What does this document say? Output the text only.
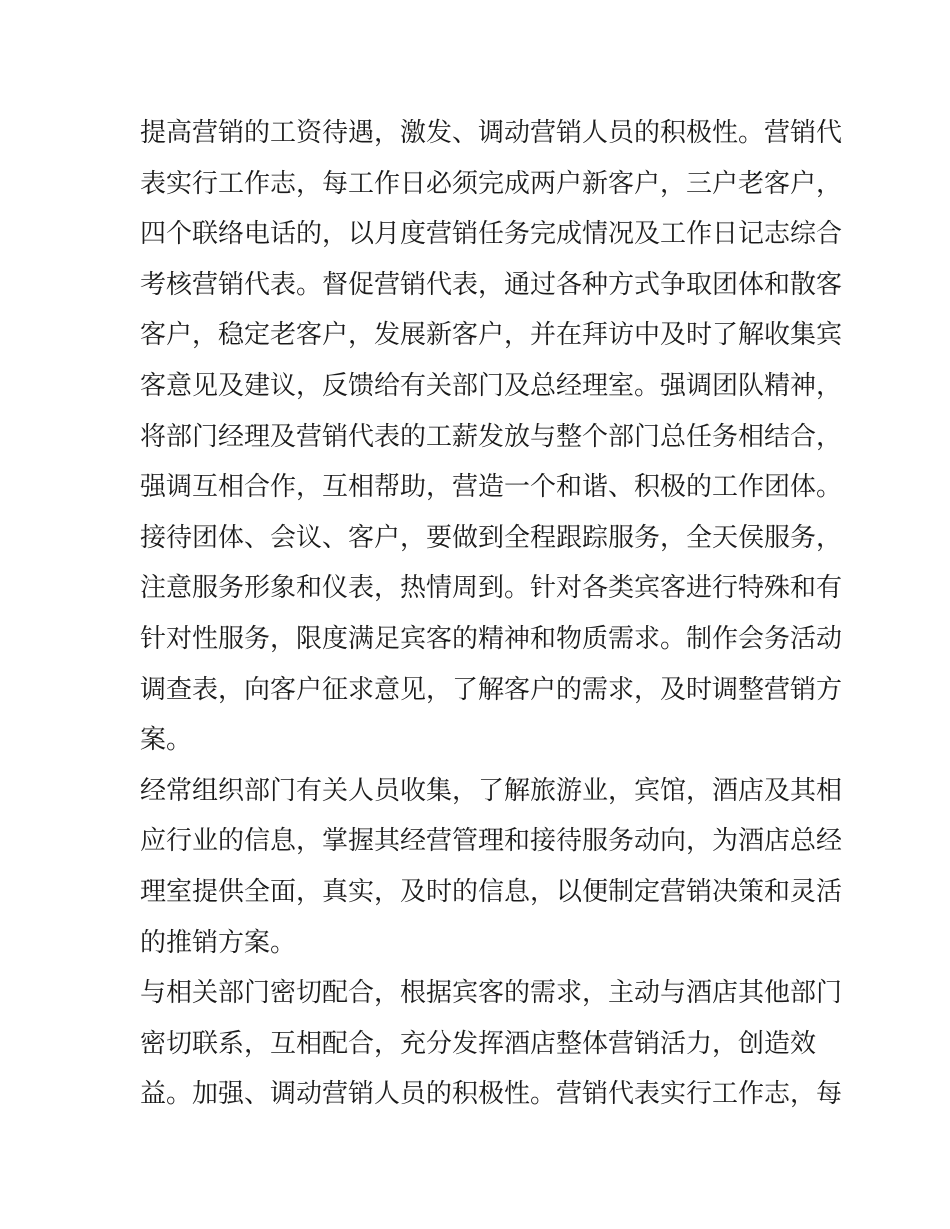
提高营销的工资待遇，激发、调动营销人员的积极性。营销代
表实行工作志，每工作日必须完成两户新客户，三户老客户，
四个联络电话的，以月度营销任务完成情况及工作日记志综合
考核营销代表。督促营销代表，通过各种方式争取团体和散客
客户，稳定老客户，发展新客户，并在拜访中及时了解收集宾
客意见及建议，反馈给有关部门及总经理室。强调团队精神，
将部门经理及营销代表的工薪发放与整个部门总任务相结合，
强调互相合作，互相帮助，营造一个和谐、积极的工作团体。
接待团体、会议、客户，要做到全程跟踪服务，全天侯服务，
注意服务形象和仪表，热情周到。针对各类宾客进行特殊和有
针对性服务，限度满足宾客的精神和物质需求。制作会务活动
调查表，向客户征求意见，了解客户的需求，及时调整营销方
案。
经常组织部门有关人员收集，了解旅游业，宾馆，酒店及其相
应行业的信息，掌握其经营管理和接待服务动向，为酒店总经
理室提供全面，真实，及时的信息，以便制定营销决策和灵活
的推销方案。
与相关部门密切配合，根据宾客的需求，主动与酒店其他部门
密切联系，互相配合，充分发挥酒店整体营销活力，创造效
益。加强、调动营销人员的积极性。营销代表实行工作志，每
